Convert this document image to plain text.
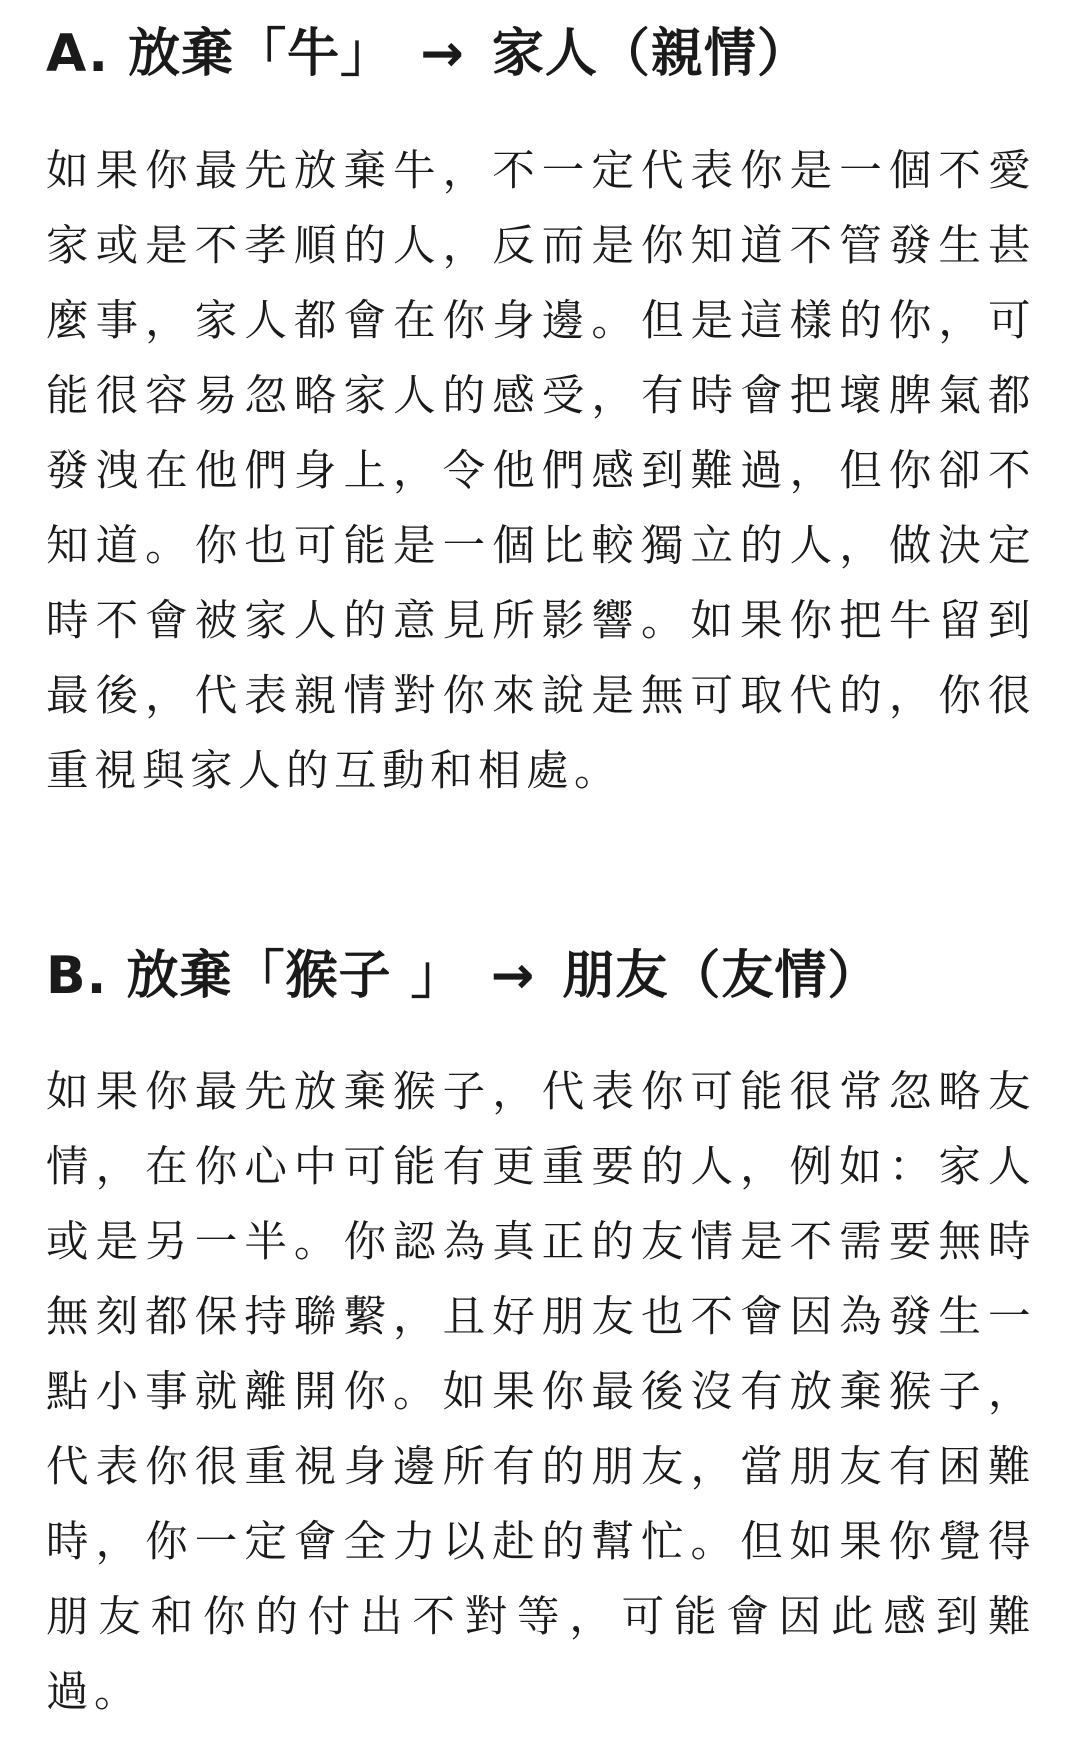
A. 放棄「牛」 → 家人（親情）

如果你最先放棄牛，不一定代表你是一個不愛家或是不孝順的人，反而是你知道不管發生甚麼事，家人都會在你身邊。但是這樣的你，可能很容易忽略家人的感受，有時會把壞脾氣都發洩在他們身上，令他們感到難過，但你卻不知道。你也可能是一個比較獨立的人，做決定時不會被家人的意見所影響。如果你把牛留到最後，代表親情對你來說是無可取代的，你很重視與家人的互動和相處。

B. 放棄「猴子 」 → 朋友（友情）

如果你最先放棄猴子，代表你可能很常忽略友情，在你心中可能有更重要的人，例如：家人或是另一半。你認為真正的友情是不需要無時無刻都保持聯繫，且好朋友也不會因為發生一點小事就離開你。如果你最後沒有放棄猴子，代表你很重視身邊所有的朋友，當朋友有困難時，你一定會全力以赴的幫忙。但如果你覺得朋友和你的付出不對等，可能會因此感到難過。
